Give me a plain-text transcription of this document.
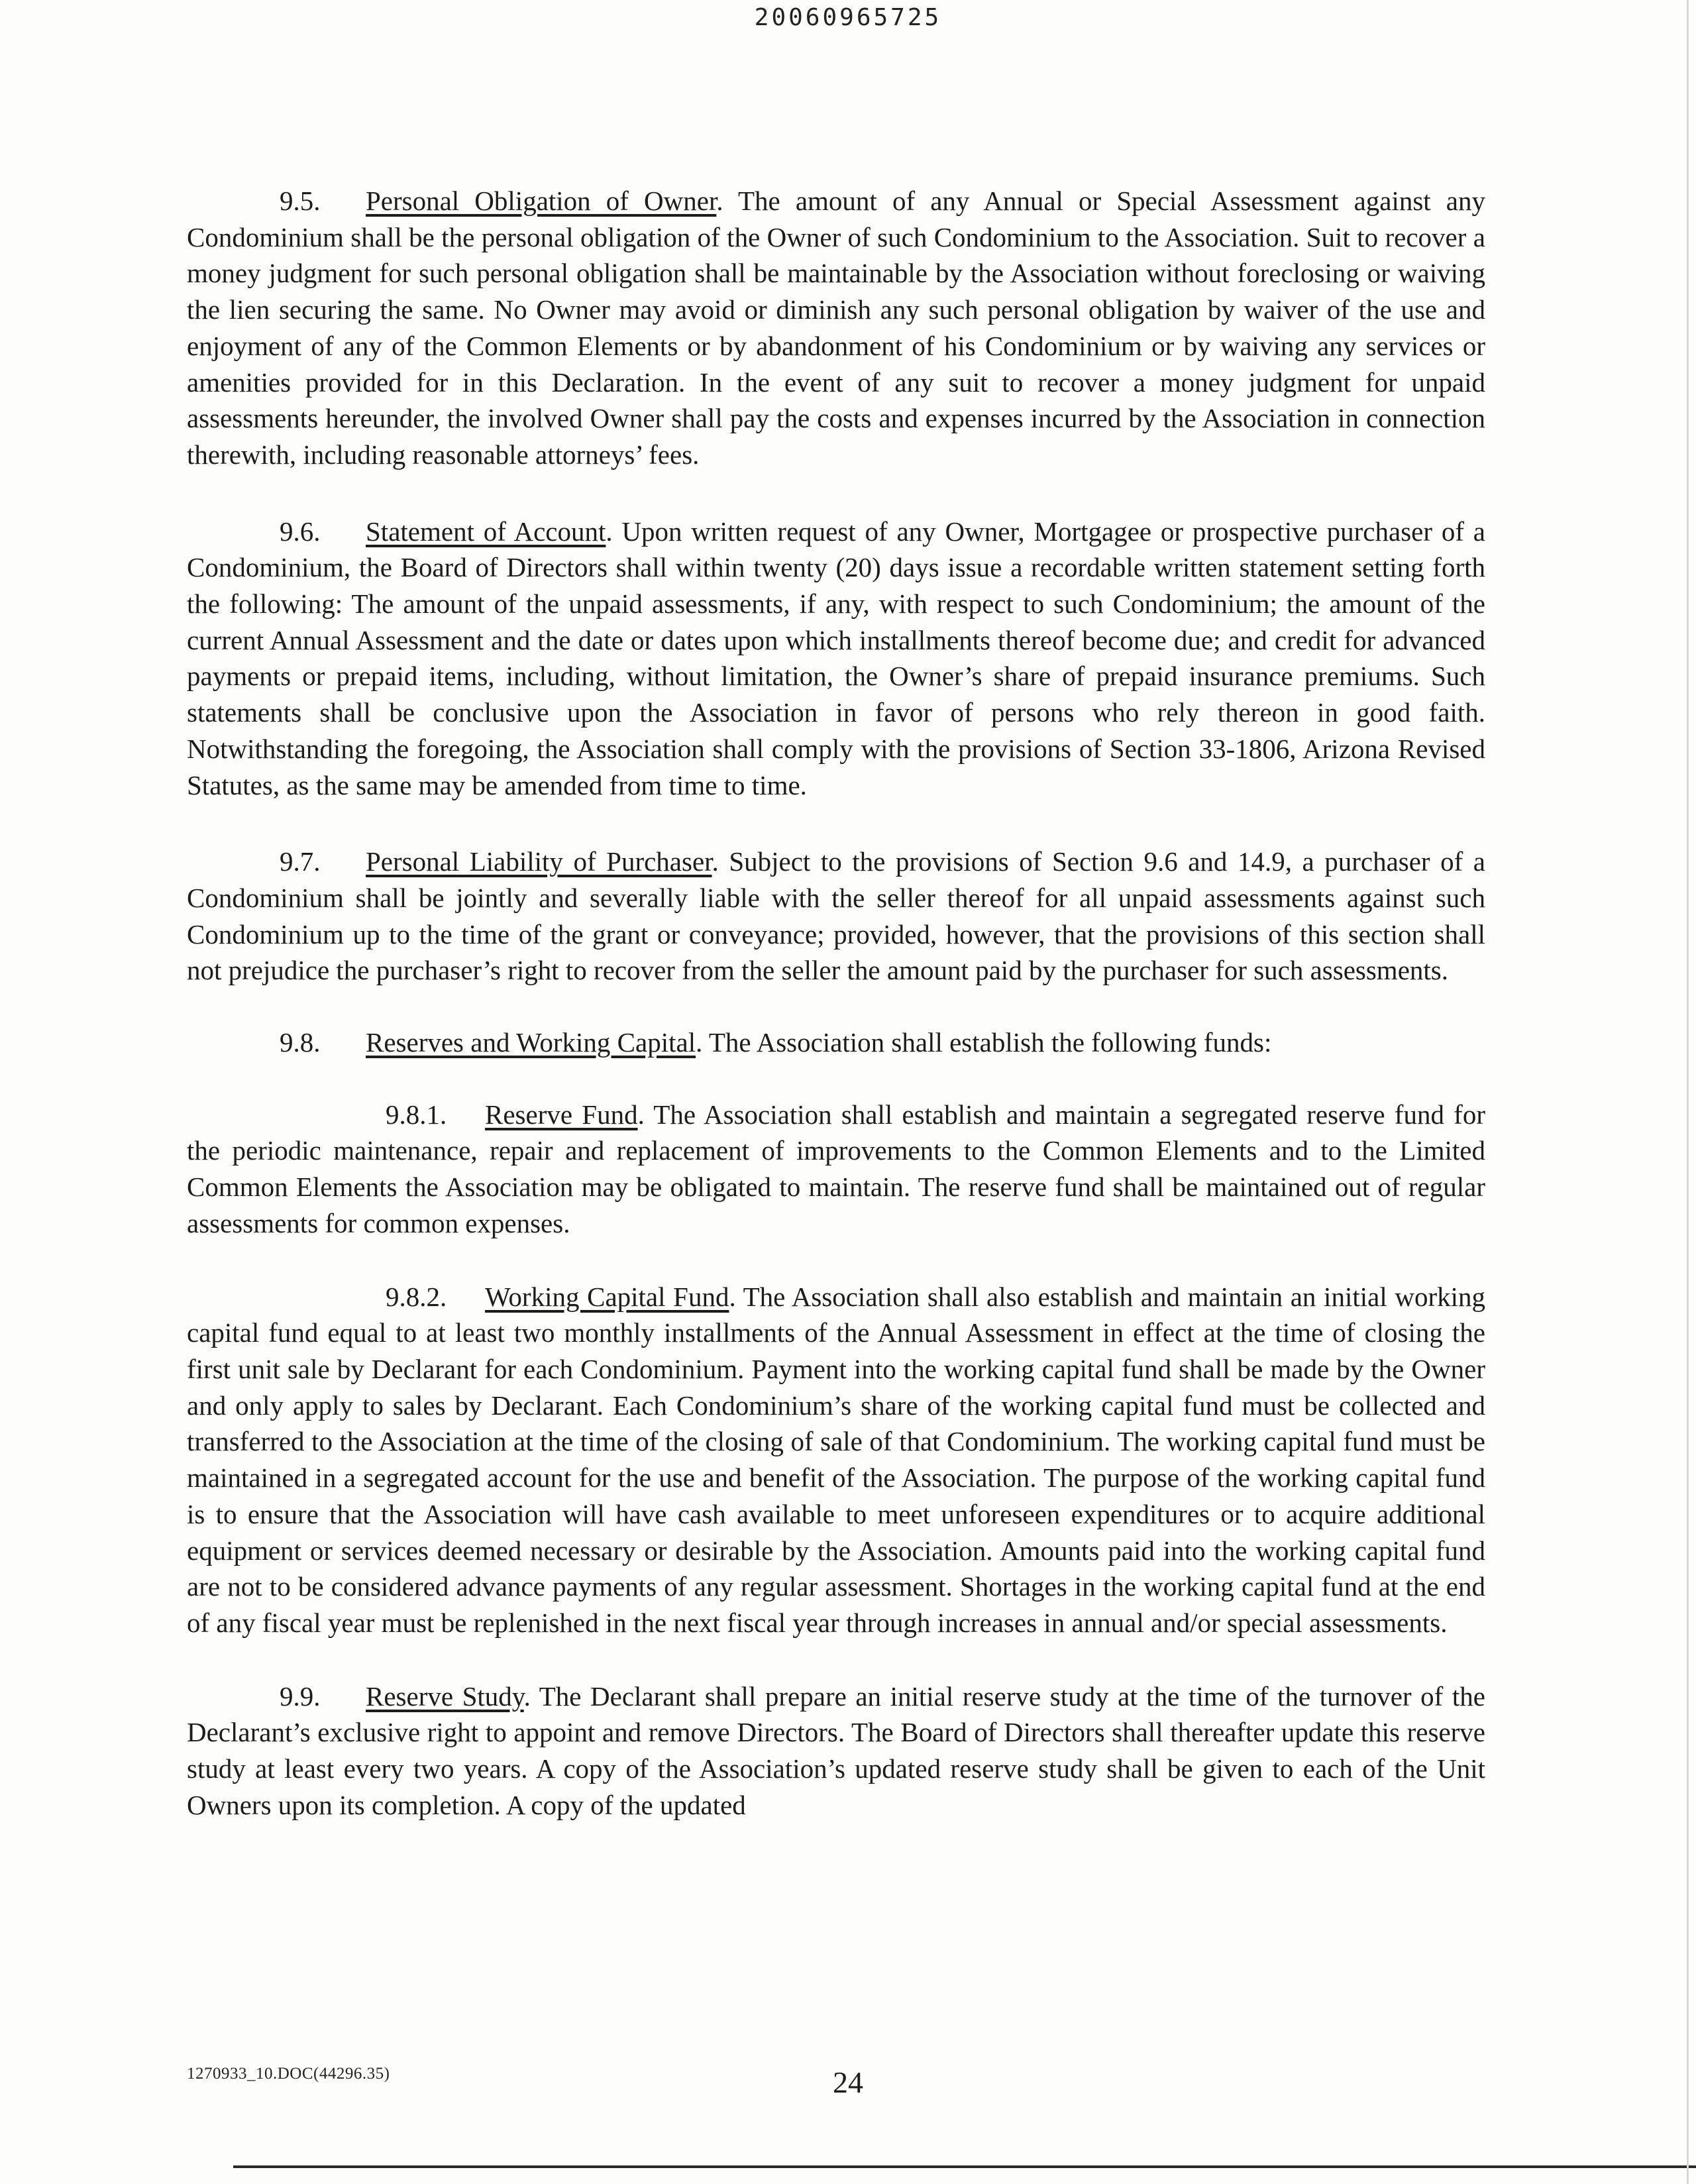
20060965725

9.5. Personal Obligation of Owner. The amount of any Annual or Special Assessment against any Condominium shall be the personal obligation of the Owner of such Condominium to the Association. Suit to recover a money judgment for such personal obligation shall be maintainable by the Association without foreclosing or waiving the lien securing the same. No Owner may avoid or diminish any such personal obligation by waiver of the use and enjoyment of any of the Common Elements or by abandonment of his Condominium or by waiving any services or amenities provided for in this Declaration. In the event of any suit to recover a money judgment for unpaid assessments hereunder, the involved Owner shall pay the costs and expenses incurred by the Association in connection therewith, including reasonable attorneys’ fees.

9.6. Statement of Account. Upon written request of any Owner, Mortgagee or prospective purchaser of a Condominium, the Board of Directors shall within twenty (20) days issue a recordable written statement setting forth the following: The amount of the unpaid assessments, if any, with respect to such Condominium; the amount of the current Annual Assessment and the date or dates upon which installments thereof become due; and credit for advanced payments or prepaid items, including, without limitation, the Owner’s share of prepaid insurance premiums. Such statements shall be conclusive upon the Association in favor of persons who rely thereon in good faith. Notwithstanding the foregoing, the Association shall comply with the provisions of Section 33-1806, Arizona Revised Statutes, as the same may be amended from time to time.

9.7. Personal Liability of Purchaser. Subject to the provisions of Section 9.6 and 14.9, a purchaser of a Condominium shall be jointly and severally liable with the seller thereof for all unpaid assessments against such Condominium up to the time of the grant or conveyance; provided, however, that the provisions of this section shall not prejudice the purchaser’s right to recover from the seller the amount paid by the purchaser for such assessments.

9.8. Reserves and Working Capital. The Association shall establish the following funds:

9.8.1. Reserve Fund. The Association shall establish and maintain a segregated reserve fund for the periodic maintenance, repair and replacement of improvements to the Common Elements and to the Limited Common Elements the Association may be obligated to maintain. The reserve fund shall be maintained out of regular assessments for common expenses.

9.8.2. Working Capital Fund. The Association shall also establish and maintain an initial working capital fund equal to at least two monthly installments of the Annual Assessment in effect at the time of closing the first unit sale by Declarant for each Condominium. Payment into the working capital fund shall be made by the Owner and only apply to sales by Declarant. Each Condominium’s share of the working capital fund must be collected and transferred to the Association at the time of the closing of sale of that Condominium. The working capital fund must be maintained in a segregated account for the use and benefit of the Association. The purpose of the working capital fund is to ensure that the Association will have cash available to meet unforeseen expenditures or to acquire additional equipment or services deemed necessary or desirable by the Association. Amounts paid into the working capital fund are not to be considered advance payments of any regular assessment. Shortages in the working capital fund at the end of any fiscal year must be replenished in the next fiscal year through increases in annual and/or special assessments.

9.9. Reserve Study. The Declarant shall prepare an initial reserve study at the time of the turnover of the Declarant’s exclusive right to appoint and remove Directors. The Board of Directors shall thereafter update this reserve study at least every two years. A copy of the Association’s updated reserve study shall be given to each of the Unit Owners upon its completion. A copy of the updated

1270933_10.DOC(44296.35)	24
